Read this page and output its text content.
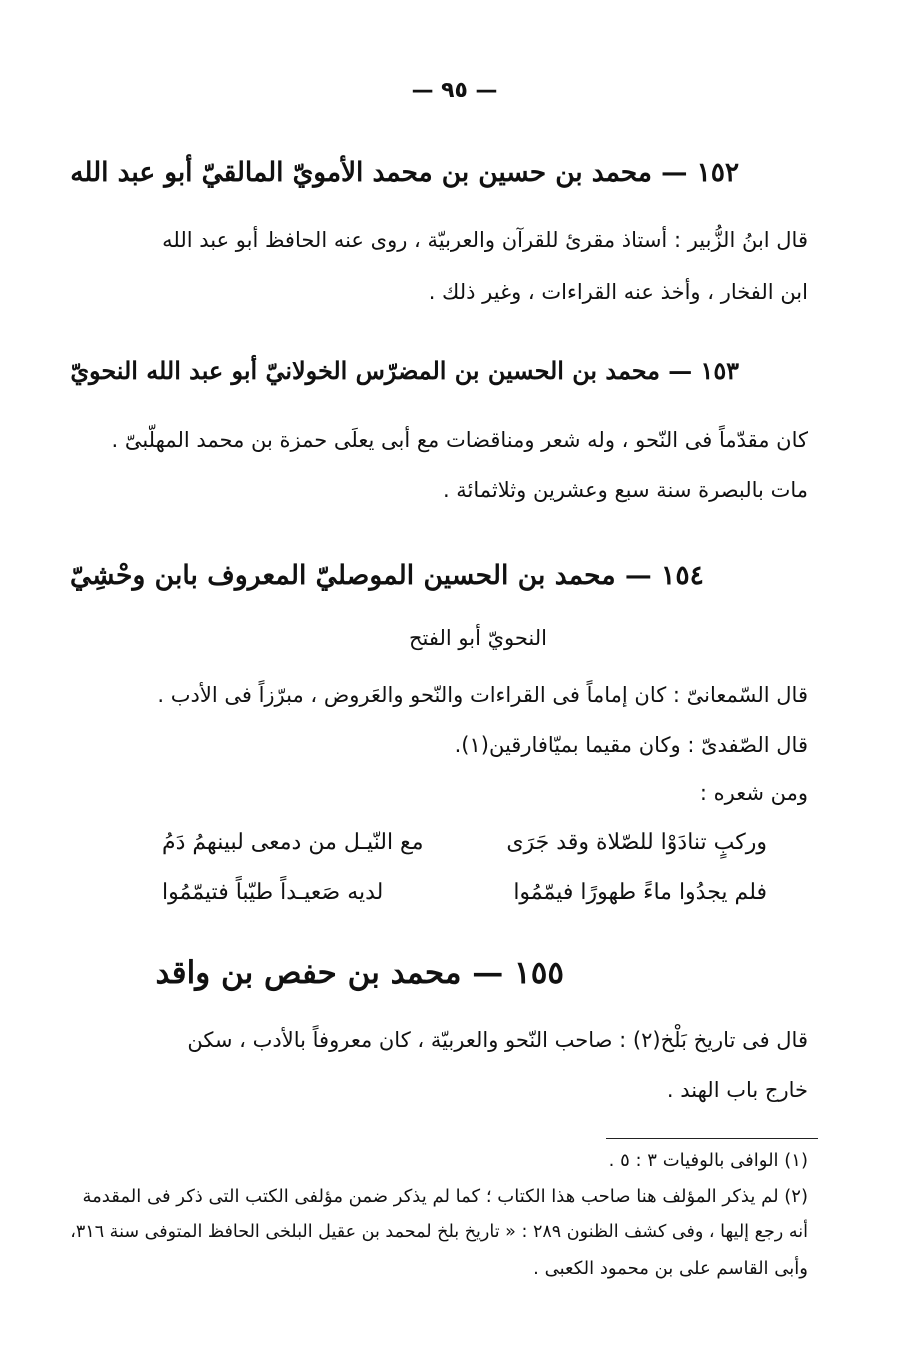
— ٩٥ —
١٥٢ — محمد بن حسين بن محمد الأمويّ المالقيّ أبو عبد الله
قال ابنُ الزُّبير : أستاذ مقرئ للقرآن والعربيّة ، روى عنه الحافظ أبو عبد الله
ابن الفخار ، وأخذ عنه القراءات ، وغير ذلك .
١٥٣ — محمد بن الحسين بن المضرّس الخولانيّ أبو عبد الله النحويّ
كان مقدّماً فى النّحو ، وله شعر ومناقضات مع أبى يعلَى حمزة بن محمد المهلّبىّ .
مات بالبصرة سنة سبع وعشرين وثلاثمائة .
١٥٤ — محمد بن الحسين الموصليّ المعروف بابن وحْشِيّ
النحويّ أبو الفتح
قال السّمعانىّ : كان إماماً فى القراءات والنّحو والعَروض ، مبرّزاً فى الأدب .
قال الصّفدىّ : وكان مقيما بميّافارقين(١).
ومن شعره :
وركبٍ تنادَوْا للصّلاة وقد جَرَى
مع النّيـل من دمعى لبينهمُ دَمُ
فلم يجدُوا ماءً طهورًا فيمّمُوا
لديه صَعيـداً طيّباً فتيمّمُوا
١٥٥ — محمد بن حفص بن واقد
قال فى تاريخ بَلْخ(٢) : صاحب النّحو والعربيّة ، كان معروفاً بالأدب ، سكن
خارج باب الهند .
(١) الوافى بالوفيات ٣ : ٥ .
(٢) لم يذكر المؤلف هنا صاحب هذا الكتاب ؛ كما لم يذكر ضمن مؤلفى الكتب التى ذكر فى المقدمة
أنه رجع إليها ، وفى كشف الظنون ٢٨٩ : « تاريخ بلخ لمحمد بن عقيل البلخى الحافظ المتوفى سنة ٣١٦،
وأبى القاسم على بن محمود الكعبى .
